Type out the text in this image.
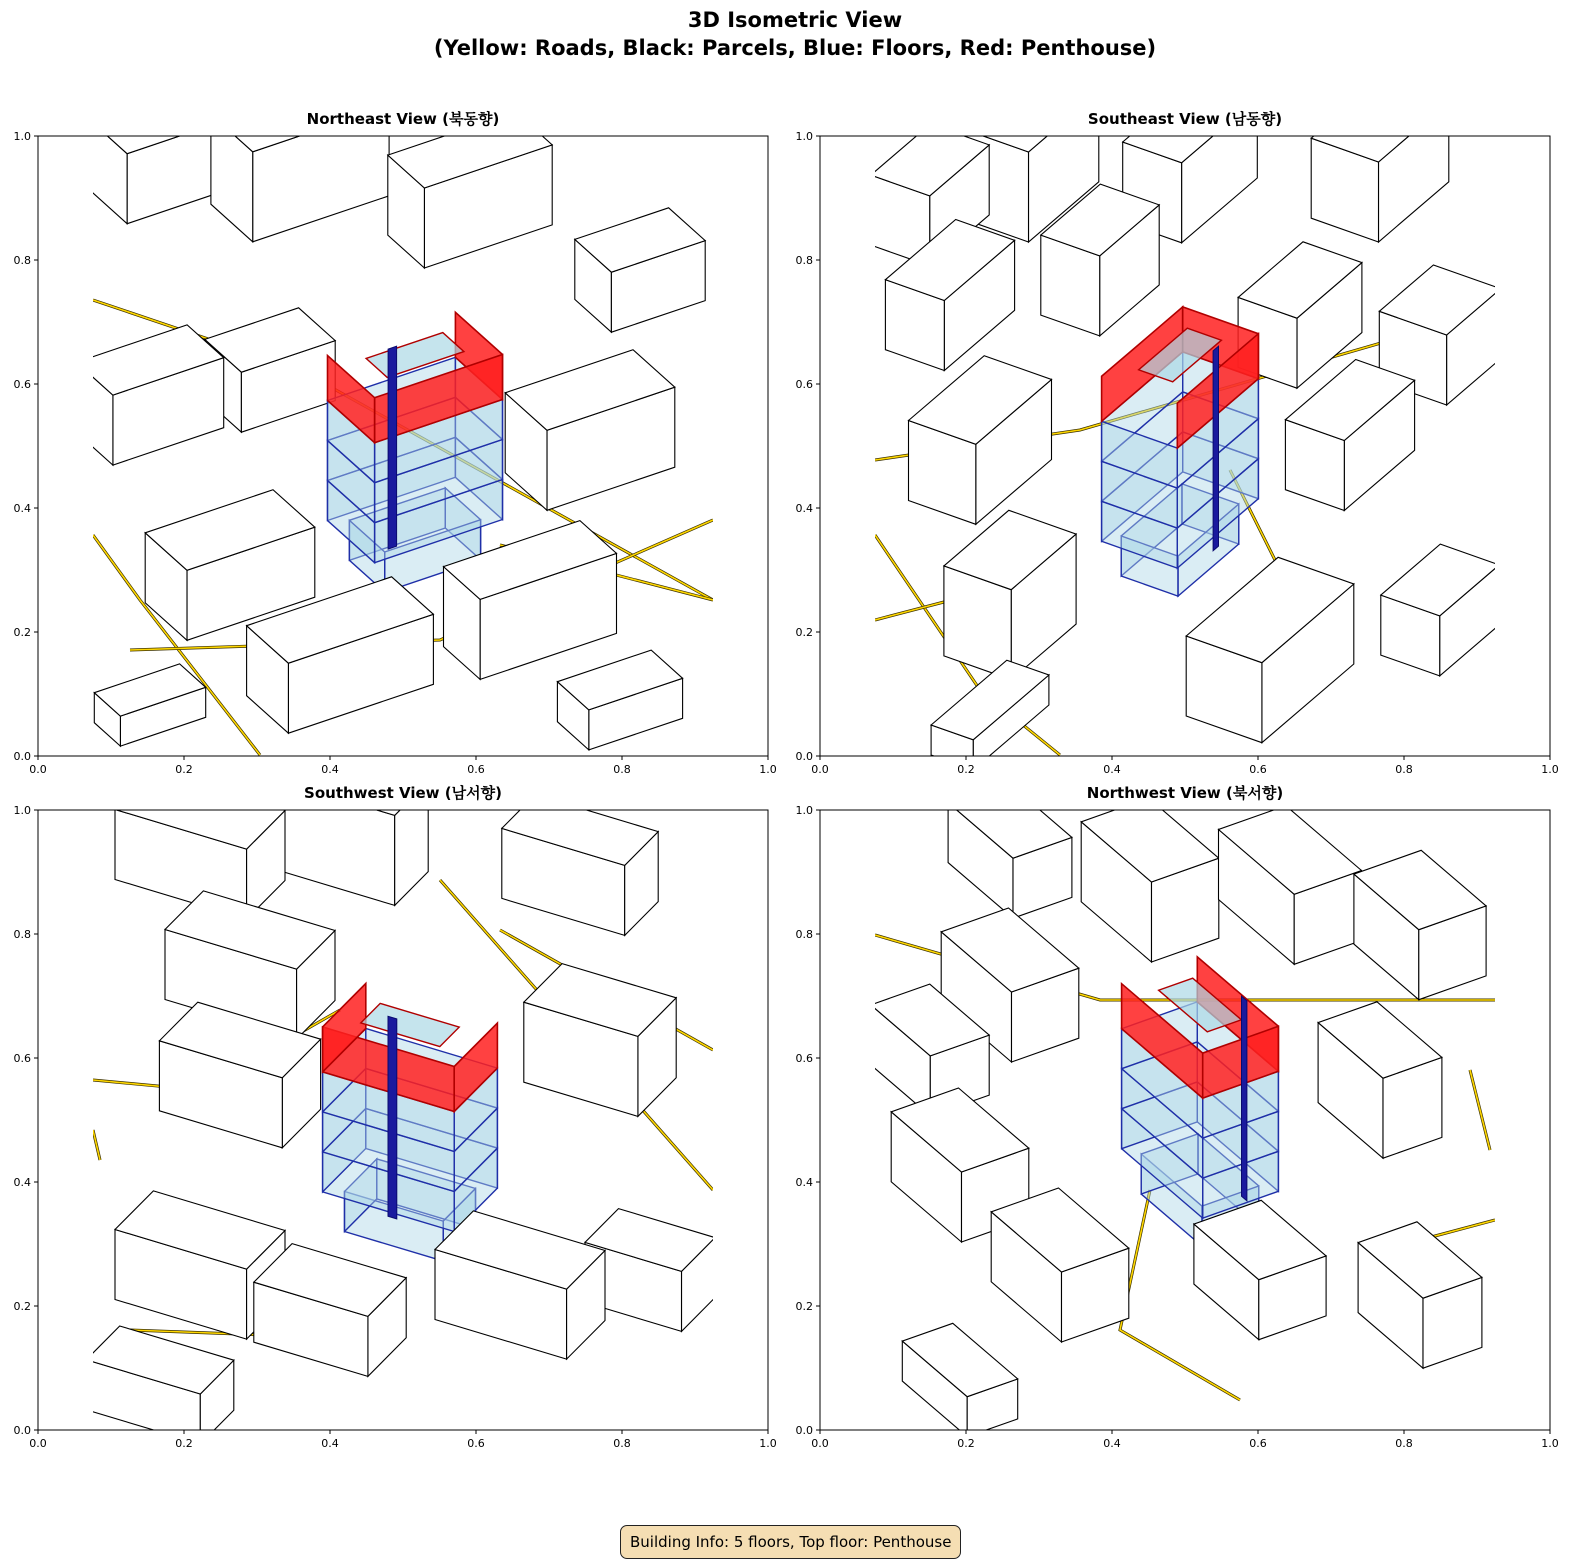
3D Isometric View
(Yellow: Roads, Black: Parcels, Blue: Floors, Red: Penthouse)
Northeast View (북동향)
0.0
0.0
0.2
0.2
0.4
0.4
0.6
0.6
0.8
0.8
1.0
1.0
Southeast View (남동향)
0.0
0.0
0.2
0.2
0.4
0.4
0.6
0.6
0.8
0.8
1.0
1.0
Southwest View (남서향)
0.0
0.0
0.2
0.2
0.4
0.4
0.6
0.6
0.8
0.8
1.0
1.0
Northwest View (북서향)
0.0
0.0
0.2
0.2
0.4
0.4
0.6
0.6
0.8
0.8
1.0
1.0
Building Info: 5 floors, Top floor: Penthouse
